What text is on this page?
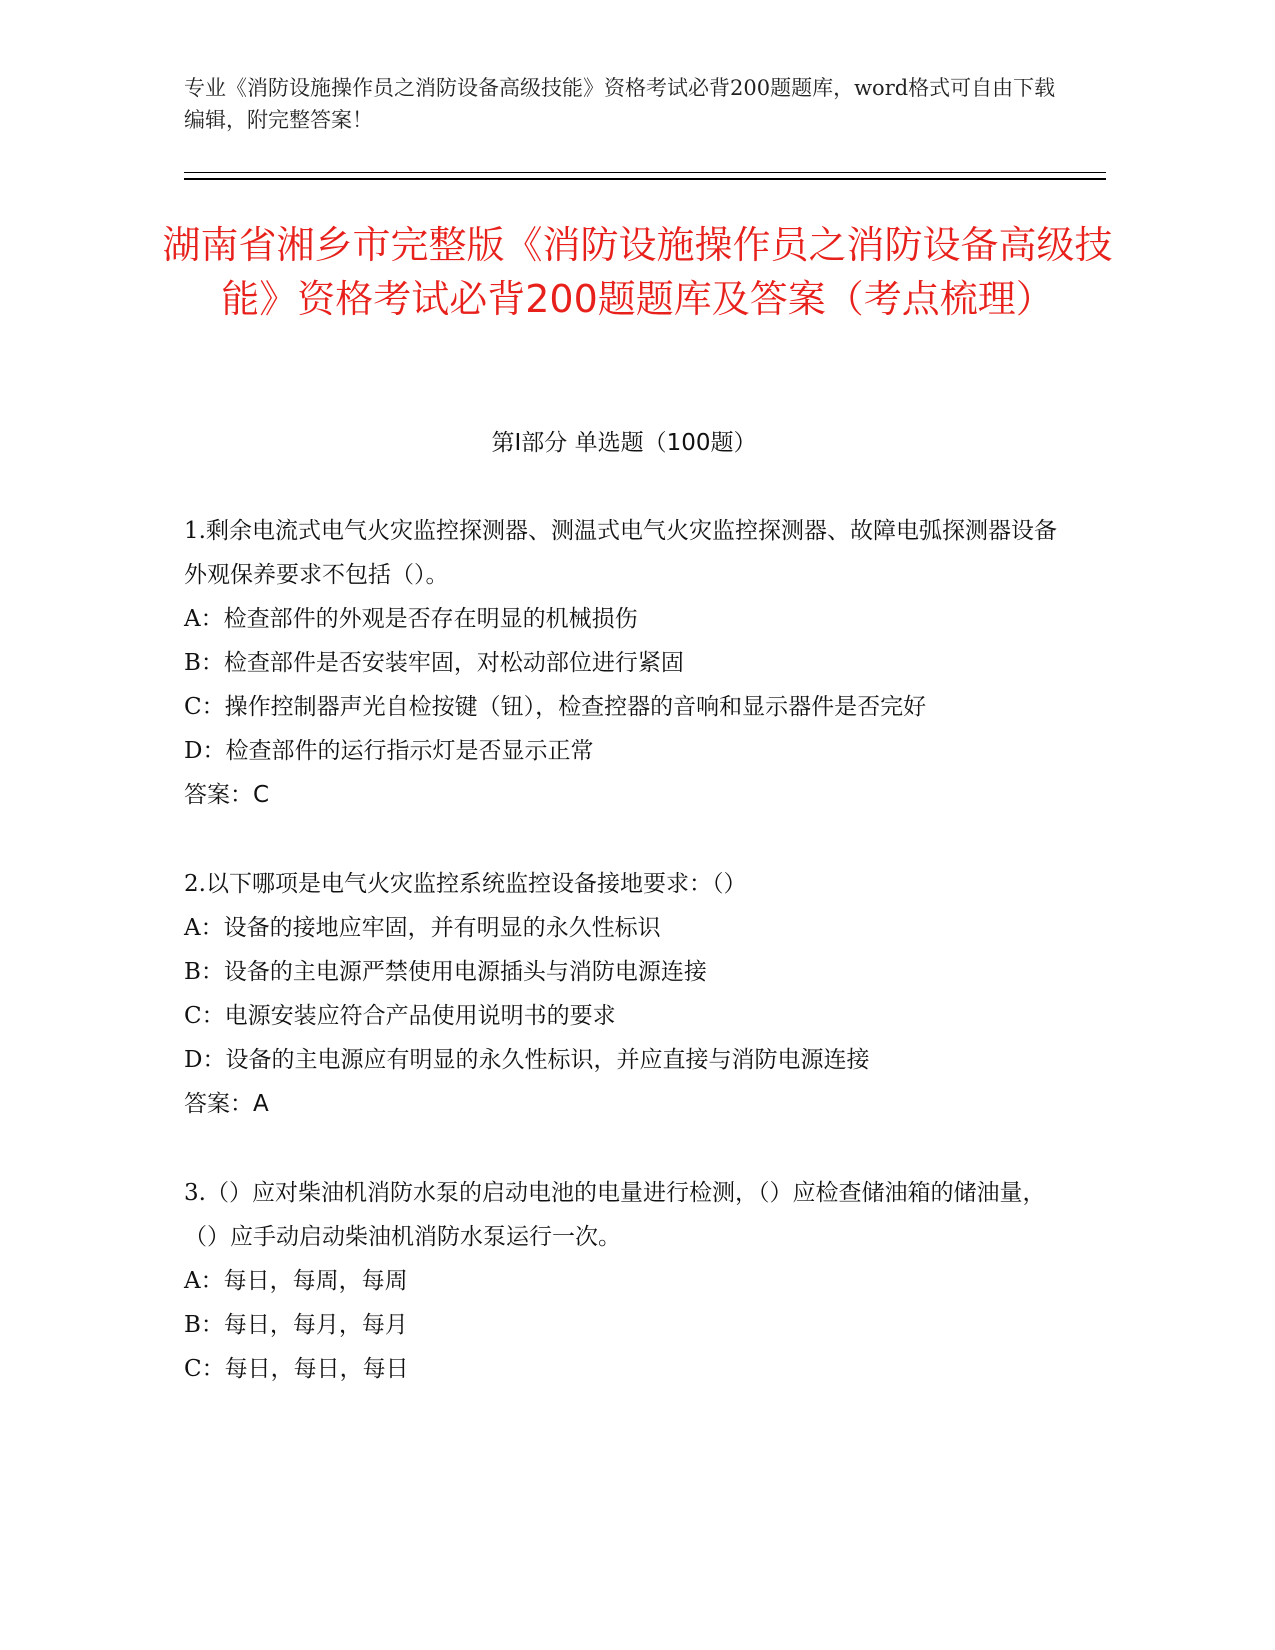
专业《消防设施操作员之消防设备高级技能》资格考试必背200题题库，word格式可自由下载编辑，附完整答案！
湖南省湘乡市完整版《消防设施操作员之消防设备高级技能》资格考试必背200题题库及答案（考点梳理）
第I部分 单选题（100题）

1.剩余电流式电气火灾监控探测器、测温式电气火灾监控探测器、故障电弧探测器设备外观保养要求不包括（）。

A：检查部件的外观是否存在明显的机械损伤

B：检查部件是否安装牢固，对松动部位进行紧固

C：操作控制器声光自检按键（钮），检查控器的音响和显示器件是否完好

D：检查部件的运行指示灯是否显示正常

答案：C

2.以下哪项是电气火灾监控系统监控设备接地要求：（）

A：设备的接地应牢固，并有明显的永久性标识

B：设备的主电源严禁使用电源插头与消防电源连接

C：电源安装应符合产品使用说明书的要求

D：设备的主电源应有明显的永久性标识，并应直接与消防电源连接

答案：A

3.（）应对柴油机消防水泵的启动电池的电量进行检测，（）应检查储油箱的储油量，（）应手动启动柴油机消防水泵运行一次。

A：每日，每周，每周

B：每日，每月，每月

C：每日，每日，每日
